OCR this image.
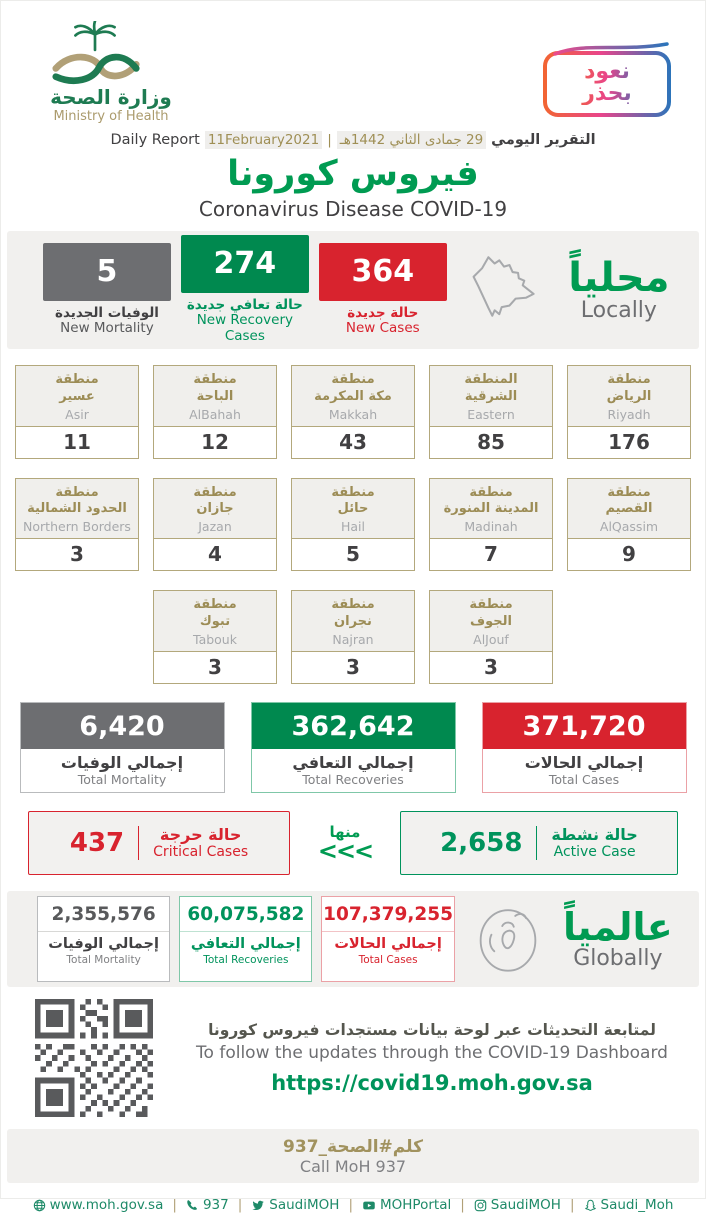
وزارة الصحة
Ministry of Health
نعود بحذر
التقرير اليومي
29 جمادى الثاني 1442هـ
|
11February2021
Daily Report
فيروس كورونا
Coronavirus Disease COVID-19
5
الوفيات الجديدة
New Mortality
274
حالة تعافي جديدة
New Recovery Cases
364
حالة جديدة
New Cases
محلياً
Locally
منطقة
الرياض
Riyadh
176
المنطقة
الشرقية
Eastern
85
منطقة
مكة المكرمة
Makkah
43
منطقة
الباحة
AlBahah
12
منطقة
عسير
Asir
11
منطقة
القصيم
AlQassim
9
منطقة
المدينة المنورة
Madinah
7
منطقة
حائل
Hail
5
منطقة
جازان
Jazan
4
منطقة
الحدود الشمالية
Northern Borders
3
منطقة
الجوف
AlJouf
3
منطقة
نجران
Najran
3
منطقة
تبوك
Tabouk
3
6,420
إجمالي الوفيات
Total Mortality
362,642
إجمالي التعافي
Total Recoveries
371,720
إجمالي الحالات
Total Cases
حالة حرجة
Critical Cases
437	منها
<<<
حالة نشطة
Active Case
2,658
2,355,576
إجمالي الوفيات
Total Mortality
60,075,582
إجمالي التعافي
Total Recoveries
107,379,255
إجمالي الحالات
Total Cases
عالمياً
Globally
لمتابعة التحديثات عبر لوحة بيانات مستجدات فيروس كورونا
To follow the updates through the COVID-19 Dashboard
https://covid19.moh.gov.sa
كلم#الصحة_937
Call MoH 937
www.moh.gov.sa | 937 | SaudiMOH | MOHPortal | SaudiMOH | Saudi_Moh
